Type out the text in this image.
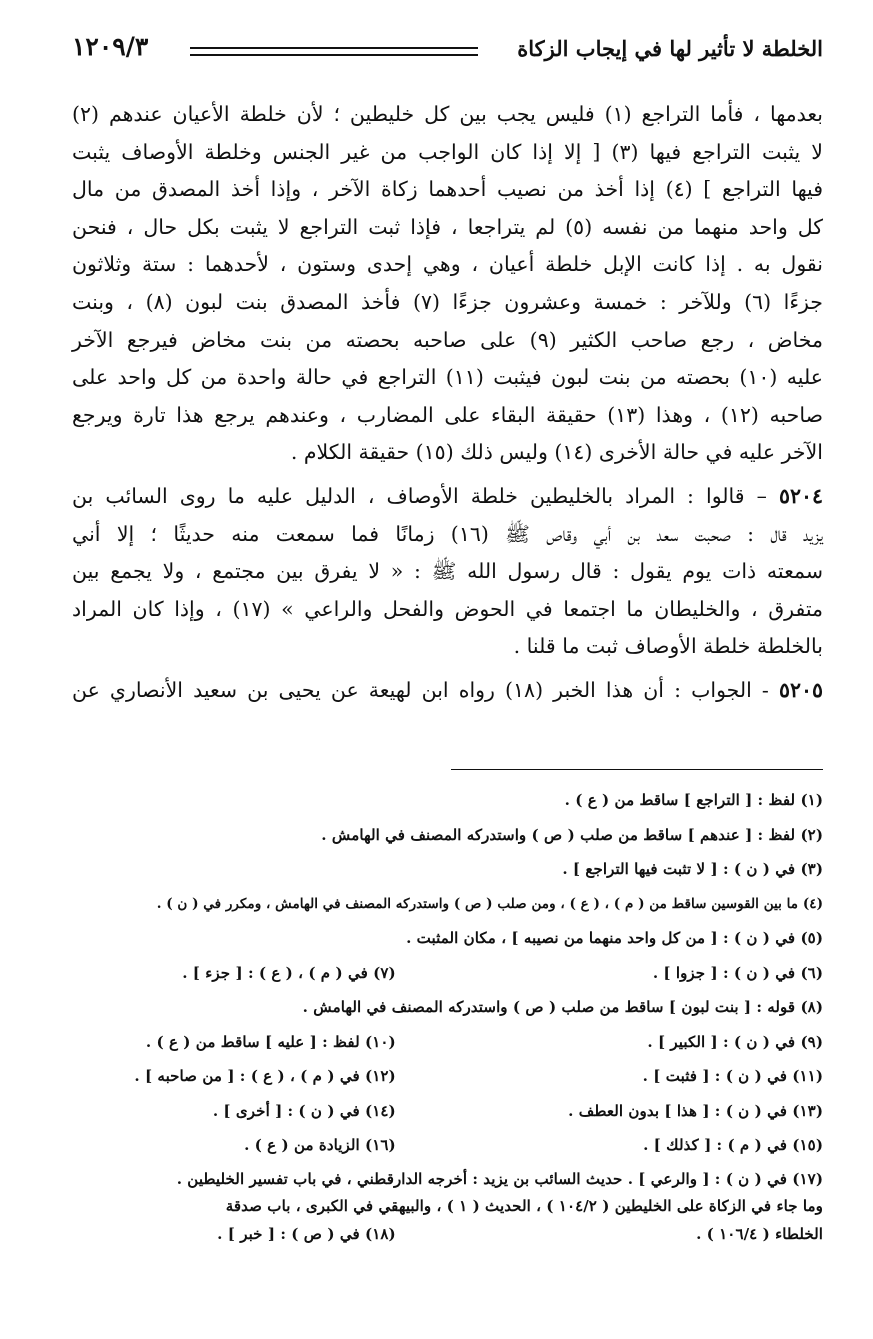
الخلطة لا تأثير لها في إيجاب الزكاة
١٢٠٩/٣
بعدمها ، فأما التراجع (١) فليس يجب بين كل خليطين ؛ لأن خلطة الأعيان عندهم (٢)
لا يثبت التراجع فيها (٣) [ إلا إذا كان الواجب من غير الجنس وخلطة الأوصاف يثبت
فيها التراجع ] (٤) إذا أخذ من نصيب أحدهما زكاة الآخر ، وإذا أخذ المصدق من مال
كل واحد منهما من نفسه (٥) لم يتراجعا ، فإذا ثبت التراجع لا يثبت بكل حال ، فنحن
نقول به . إذا كانت الإبل خلطة أعيان ، وهي إحدى وستون ، لأحدهما : ستة وثلاثون
جزءًا (٦) وللآخر : خمسة وعشرون جزءًا (٧) فأخذ المصدق بنت لبون (٨) ، وبنت
مخاض ، رجع صاحب الكثير (٩) على صاحبه بحصته من بنت مخاض فيرجع الآخر
عليه (١٠) بحصته من بنت لبون فيثبت (١١) التراجع في حالة واحدة من كل واحد على
صاحبه (١٢) ، وهذا (١٣) حقيقة البقاء على المضارب ، وعندهم يرجع هذا تارة ويرجع
الآخر عليه في حالة الأخرى (١٤) وليس ذلك (١٥) حقيقة الكلام .
٥٢٠٤ – قالوا : المراد بالخليطين خلطة الأوصاف ، الدليل عليه ما روى السائب بن
يزيد قال : صحبت سعد بن أبي وقاص ﷺ (١٦) زمانًا فما سمعت منه حديثًا ؛ إلا أني
سمعته ذات يوم يقول : قال رسول الله ﷺ : « لا يفرق بين مجتمع ، ولا يجمع بين
متفرق ، والخليطان ما اجتمعا في الحوض والفحل والراعي » (١٧) ، وإذا كان المراد
بالخلطة خلطة الأوصاف ثبت ما قلنا .
٥٢٠٥ - الجواب : أن هذا الخبر (١٨) رواه ابن لهيعة عن يحيى بن سعيد الأنصاري عن
(١) لفظ : [ التراجع ] ساقط من ( ع ) .
(٢) لفظ : [ عندهم ] ساقط من صلب ( ص ) واستدركه المصنف في الهامش .
(٣) في ( ن ) : [ لا تثبت فيها التراجع ] .
(٤) ما بين القوسين ساقط من ( م ) ، ( ع ) ، ومن صلب ( ص ) واستدركه المصنف في الهامش ، ومكرر في ( ن ) .
(٥) في ( ن ) : [ من كل واحد منهما من نصيبه ] ، مكان المثبت .
(٦) في ( ن ) : [ جزوا ] .
(٧) في ( م ) ، ( ع ) : [ جزء ] .
(٨) قوله : [ بنت لبون ] ساقط من صلب ( ص ) واستدركه المصنف في الهامش .
(٩) في ( ن ) : [ الكبير ] .
(١٠) لفظ : [ عليه ] ساقط من ( ع ) .
(١١) في ( ن ) : [ فثبت ] .
(١٢) في ( م ) ، ( ع ) : [ من صاحبه ] .
(١٣) في ( ن ) : [ هذا ] بدون العطف .
(١٤) في ( ن ) : [ أخرى ] .
(١٥) في ( م ) : [ كذلك ] .
(١٦) الزيادة من ( ع ) .
(١٧) في ( ن ) : [ والرعي ] . حديث السائب بن يزيد : أخرجه الدارقطني ، في باب تفسير الخليطين .
وما جاء في الزكاة على الخليطين ( ١٠٤/٢ ) ، الحديث ( ١ ) ، والبيهقي في الكبرى ، باب صدقة
الخلطاء ( ١٠٦/٤ ) .
(١٨) في ( ص ) : [ خبر ] .
